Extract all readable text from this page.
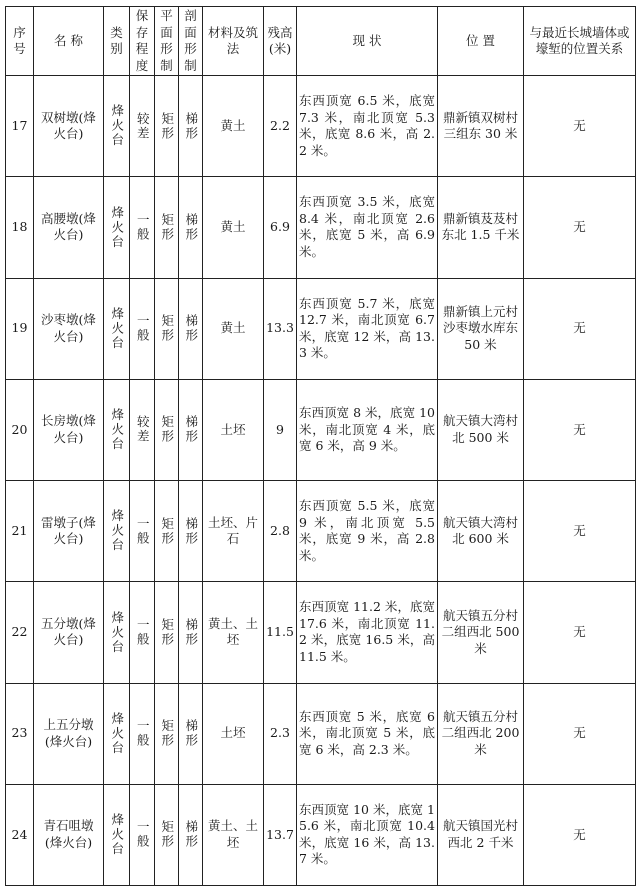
序号	名 称	类别	保存程度	平面形制	剖面形制	材料及筑法	残高(米)	现 状	位 置	与最近长城墙体或壕堑的位置关系
17	双树墩(烽火台)	烽火台	较差	矩形	梯形	黄土	2.2	东西顶宽 6.5 米，底宽 7.3 米，南北顶宽 5.3 米，底宽 8.6 米，高 2.2 米。	鼎新镇双树村三组东 30 米	无
18	高腰墩(烽火台)	烽火台	一般	矩形	梯形	黄土	6.9	东西顶宽 3.5 米，底宽 8.4 米，南北顶宽 2.6 米，底宽 5 米，高 6.9 米。	鼎新镇芨芨村东北 1.5 千米	无
19	沙枣墩(烽火台)	烽火台	一般	矩形	梯形	黄土	13.3	东西顶宽 5.7 米，底宽 12.7 米，南北顶宽 6.7 米，底宽 12 米，高 13.3 米。	鼎新镇上元村沙枣墩水库东 50 米	无
20	长房墩(烽火台)	烽火台	较差	矩形	梯形	土坯	9	东西顶宽 8 米，底宽 10 米，南北顶宽 4 米，底宽 6 米，高 9 米。	航天镇大湾村北 500 米	无
21	雷墩子(烽火台)	烽火台	一般	矩形	梯形	土坯、片石	2.8	东西顶宽 5.5 米，底宽 9 米，南北顶宽 5.5 米，底宽 9 米，高 2.8 米。	航天镇大湾村北 600 米	无
22	五分墩(烽火台)	烽火台	一般	矩形	梯形	黄土、土坯	11.5	东西顶宽 11.2 米，底宽 17.6 米，南北顶宽 11.2 米，底宽 16.5 米，高 11.5 米。	航天镇五分村二组西北 500 米	无
23	上五分墩(烽火台)	烽火台	一般	矩形	梯形	土坯	2.3	东西顶宽 5 米，底宽 6 米，南北顶宽 5 米，底宽 6 米，高 2.3 米。	航天镇五分村二组西北 200 米	无
24	青石咀墩(烽火台)	烽火台	一般	矩形	梯形	黄土、土坯	13.7	东西顶宽 10 米，底宽 15.6 米，南北顶宽 10.4 米，底宽 16 米，高 13.7 米。	航天镇国光村西北 2 千米	无
